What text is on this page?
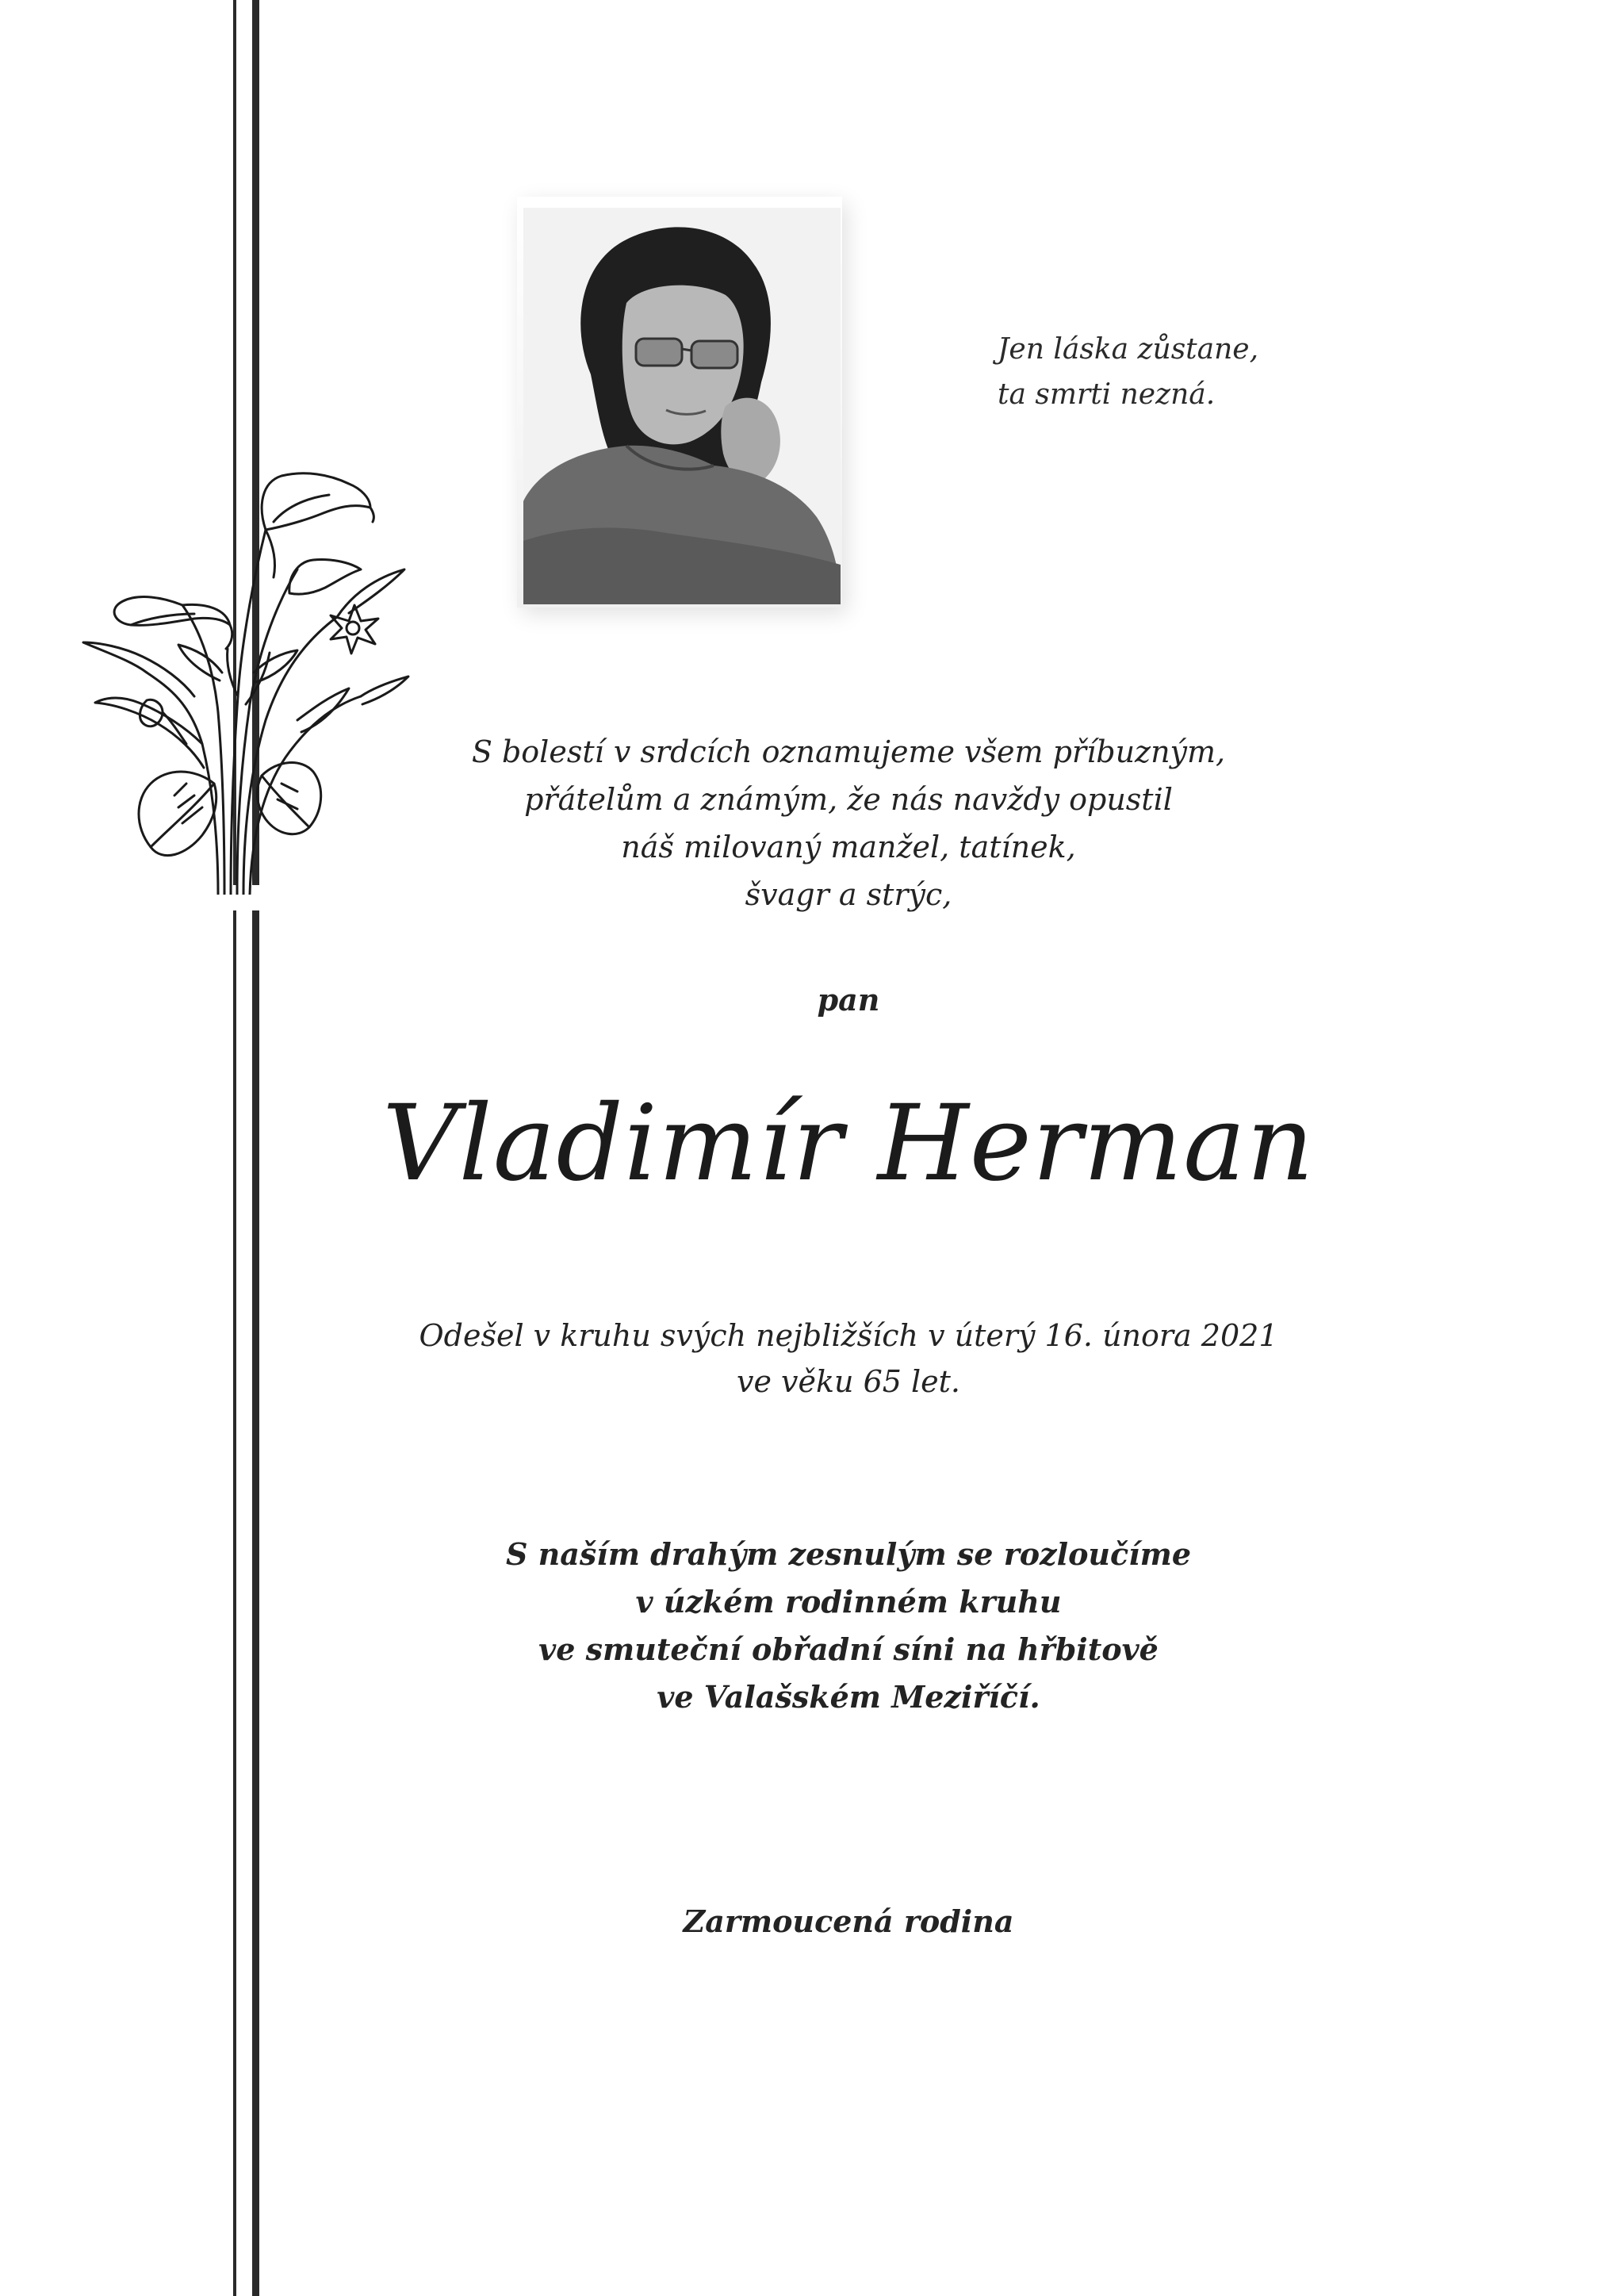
Jen láska zůstane,
ta smrti nezná.
S bolestí v srdcích oznamujeme všem příbuzným,
přátelům a známým, že nás navždy opustil
náš milovaný manžel, tatínek,
švagr a strýc,
pan
Vladimír Herman
Odešel v kruhu svých nejbližších v úterý 16. února 2021
ve věku 65 let.
S naším drahým zesnulým se rozloučíme
v úzkém rodinném kruhu
ve smuteční obřadní síni na hřbitově
ve Valašském Meziříčí.
Zarmoucená rodina
